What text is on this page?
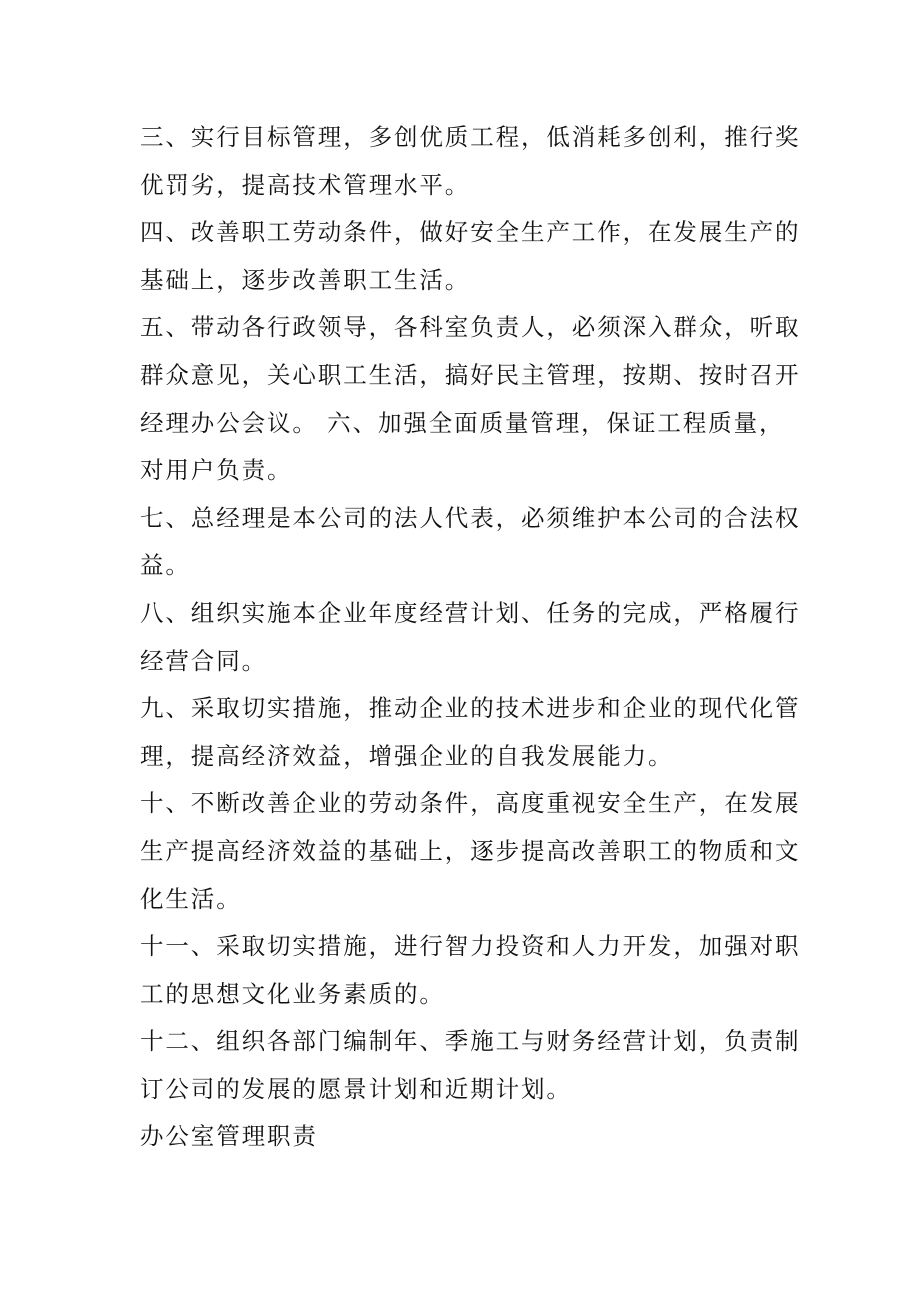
三、实行目标管理，多创优质工程，低消耗多创利，推行奖

优罚劣，提高技术管理水平。

四、改善职工劳动条件，做好安全生产工作，在发展生产的

基础上，逐步改善职工生活。

五、带动各行政领导，各科室负责人，必须深入群众，听取

群众意见，关心职工生活，搞好民主管理，按期、按时召开

经理办公会议。 六、加强全面质量管理，保证工程质量，

对用户负责。

七、总经理是本公司的法人代表，必须维护本公司的合法权

益。

八、组织实施本企业年度经营计划、任务的完成，严格履行

经营合同。

九、采取切实措施，推动企业的技术进步和企业的现代化管

理，提高经济效益，增强企业的自我发展能力。

十、不断改善企业的劳动条件，高度重视安全生产，在发展

生产提高经济效益的基础上，逐步提高改善职工的物质和文

化生活。

十一、采取切实措施，进行智力投资和人力开发，加强对职

工的思想文化业务素质的。

十二、组织各部门编制年、季施工与财务经营计划，负责制

订公司的发展的愿景计划和近期计划。

办公室管理职责
